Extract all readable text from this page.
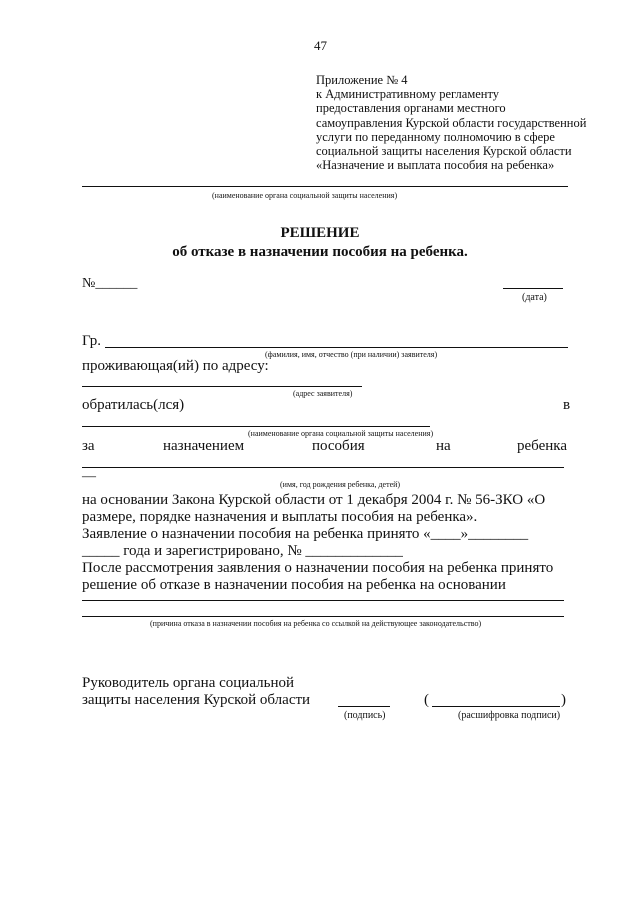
47
Приложение № 4
к Административному регламенту
предоставления органами местного
самоуправления Курской области государственной
услуги по переданному полномочию в сфере
социальной защиты населения Курской области
«Назначение и выплата пособия на ребенка»
(наименование органа социальной защиты населения)
РЕШЕНИЕ
об отказе в назначении пособия на ребенка.
№______
(дата)
Гр.
(фамилия, имя, отчество (при наличии) заявителя)
проживающая(ий) по адресу:
(адрес заявителя)
обратилась(лся)	в
(наименование органа социальной защиты населения)
за	назначением	пособия	на	ребенка
—
(имя, год рождения ребенка, детей)
на основании Закона Курской области от 1 декабря 2004 г. № 56-ЗКО «О
размере, порядке назначения и выплаты пособия на ребенка».
Заявление о назначении пособия на ребенка принято «____»________
_____ года и зарегистрировано, № _____________
После рассмотрения заявления о назначении пособия на ребенка принято
решение об отказе в назначении пособия на ребенка на основании
(причина отказа в назначении пособия на ребенка со ссылкой на действующее законодательство)
Руководитель органа социальной
защиты населения Курской области
(подпись)
(	)
(расшифровка подписи)
